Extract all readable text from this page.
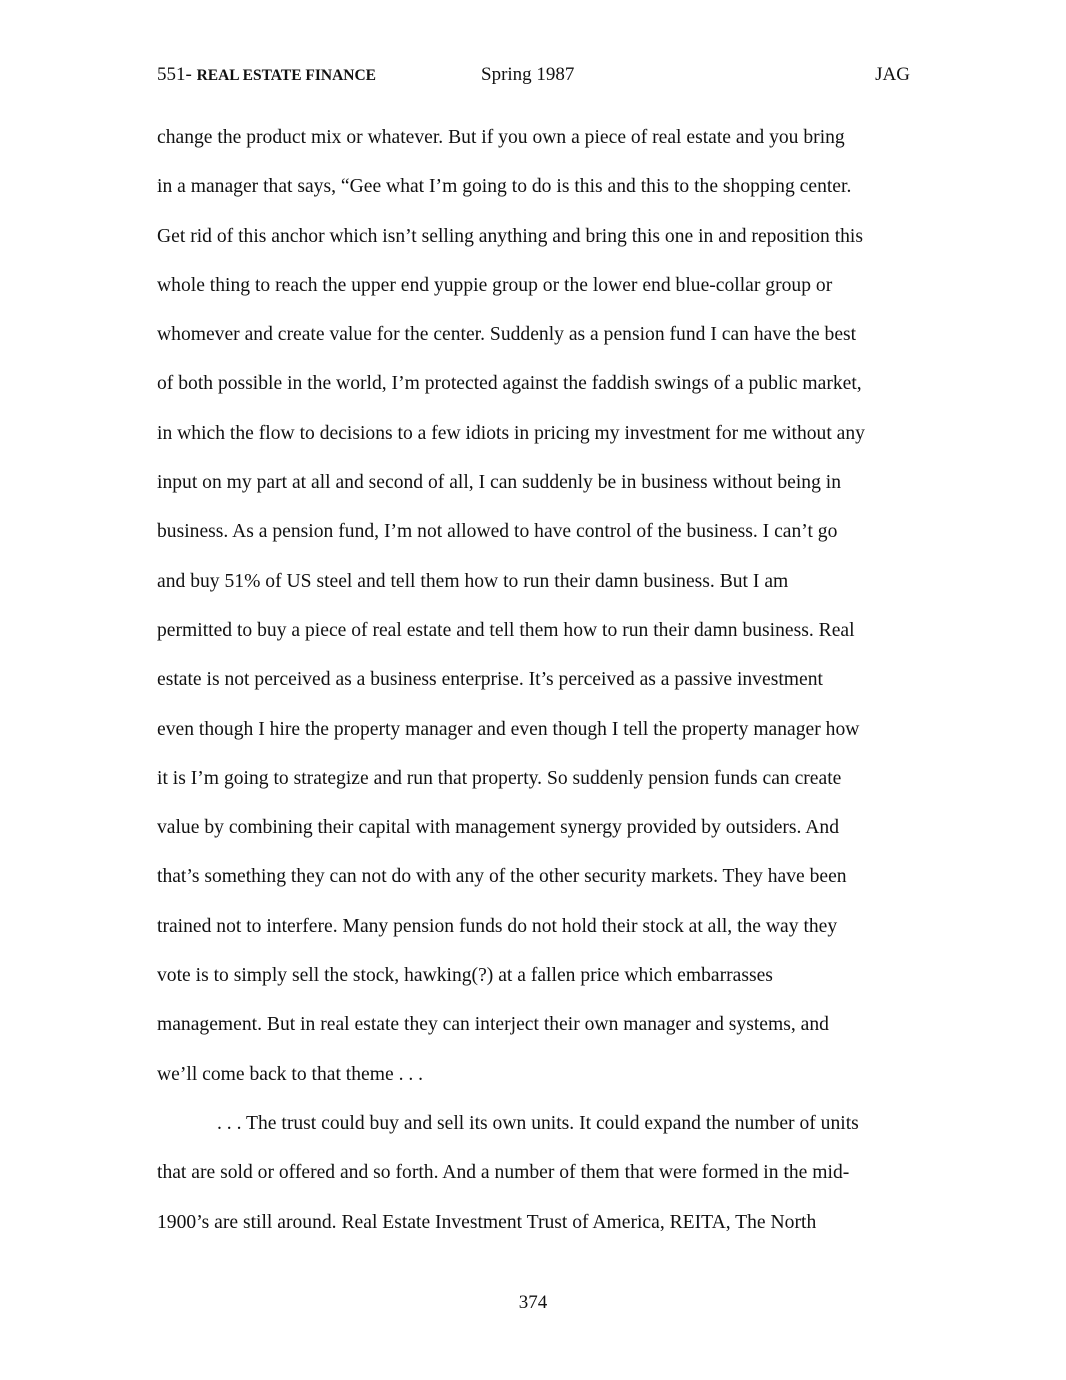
551- REAL ESTATE FINANCE	Spring 1987	JAG
change the product mix or whatever. But if you own a piece of real estate and you bring
in a manager that says, “Gee what I’m going to do is this and this to the shopping center.
Get rid of this anchor which isn’t selling anything and bring this one in and reposition this
whole thing to reach the upper end yuppie group or the lower end blue-collar group or
whomever and create value for the center. Suddenly as a pension fund I can have the best
of both possible in the world, I’m protected against the faddish swings of a public market,
in which the flow to decisions to a few idiots in pricing my investment for me without any
input on my part at all and second of all, I can suddenly be in business without being in
business. As a pension fund, I’m not allowed to have control of the business. I can’t go
and buy 51% of US steel and tell them how to run their damn business. But I am
permitted to buy a piece of real estate and tell them how to run their damn business. Real
estate is not perceived as a business enterprise. It’s perceived as a passive investment
even though I hire the property manager and even though I tell the property manager how
it is I’m going to strategize and run that property. So suddenly pension funds can create
value by combining their capital with management synergy provided by outsiders. And
that’s something they can not do with any of the other security markets. They have been
trained not to interfere. Many pension funds do not hold their stock at all, the way they
vote is to simply sell the stock, hawking(?) at a fallen price which embarrasses
management. But in real estate they can interject their own manager and systems, and
we’ll come back to that theme . . .
. . . The trust could buy and sell its own units. It could expand the number of units
that are sold or offered and so forth. And a number of them that were formed in the mid-
1900’s are still around. Real Estate Investment Trust of America, REITA, The North
374
